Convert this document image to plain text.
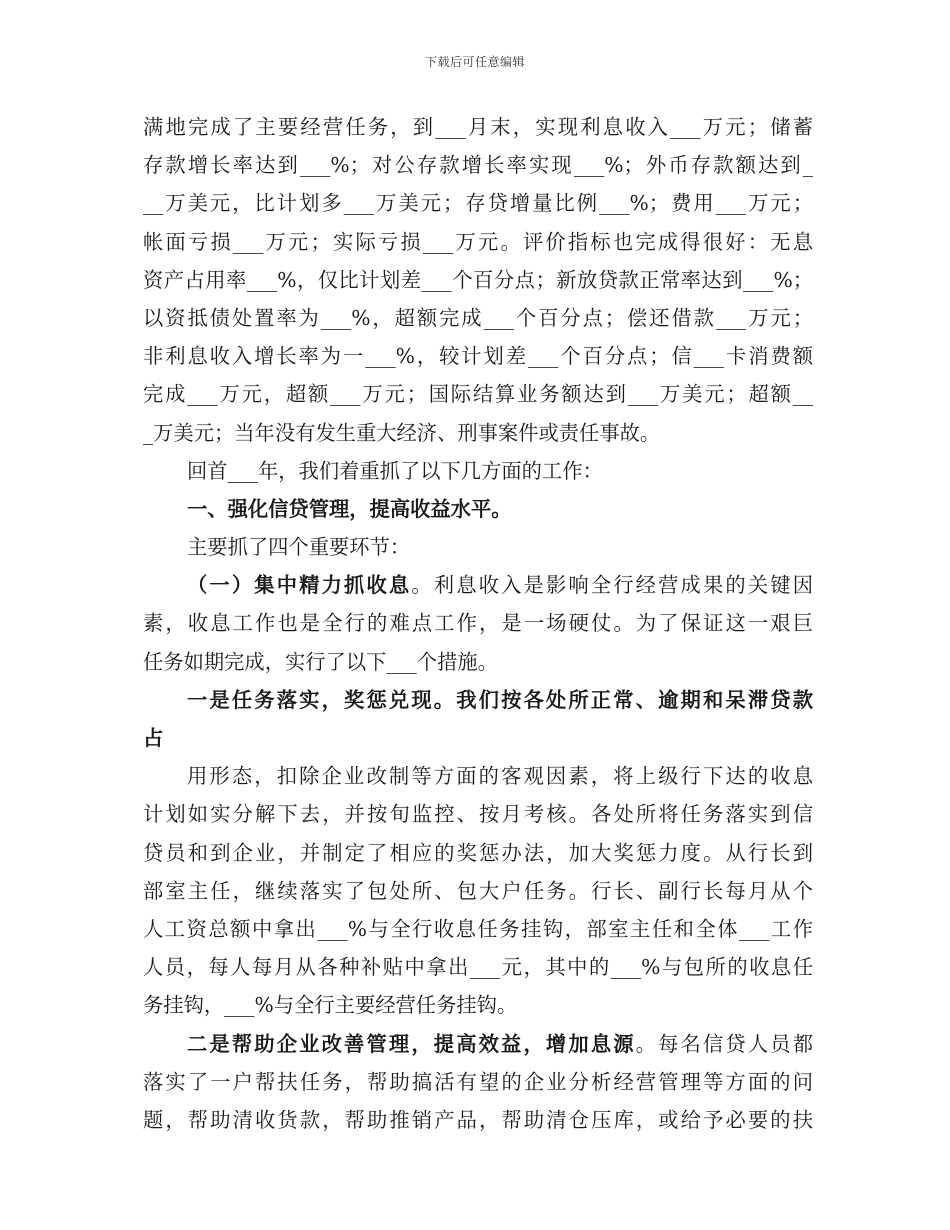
下载后可任意编辑
满地完成了主要经营任务，到___月末，实现利息收入___万元；储蓄
存款增长率达到___%；对公存款增长率实现___%；外币存款额达到_
__万美元，比计划多___万美元；存贷增量比例___%；费用___万元；
帐面亏损___万元；实际亏损___万元。评价指标也完成得很好：无息
资产占用率___%，仅比计划差___个百分点；新放贷款正常率达到___%；
以资抵债处置率为___%，超额完成___个百分点；偿还借款___万元；
非利息收入增长率为一___%，较计划差___个百分点；信___卡消费额
完成___万元，超额___万元；国际结算业务额达到___万美元；超额__
_万美元；当年没有发生重大经济、刑事案件或责任事故。
回首___年，我们着重抓了以下几方面的工作：
一、强化信贷管理，提高收益水平。
主要抓了四个重要环节：
（一）集中精力抓收息。利息收入是影响全行经营成果的关键因
素，收息工作也是全行的难点工作，是一场硬仗。为了保证这一艰巨
任务如期完成，实行了以下___个措施。
一是任务落实，奖惩兑现。我们按各处所正常、逾期和呆滞贷款
占
用形态，扣除企业改制等方面的客观因素，将上级行下达的收息
计划如实分解下去，并按旬监控、按月考核。各处所将任务落实到信
贷员和到企业，并制定了相应的奖惩办法，加大奖惩力度。从行长到
部室主任，继续落实了包处所、包大户任务。行长、副行长每月从个
人工资总额中拿出___%与全行收息任务挂钩，部室主任和全体___工作
人员，每人每月从各种补贴中拿出___元，其中的___%与包所的收息任
务挂钩，___%与全行主要经营任务挂钩。
二是帮助企业改善管理，提高效益，增加息源。每名信贷人员都
落实了一户帮扶任务，帮助搞活有望的企业分析经营管理等方面的问
题，帮助清收货款，帮助推销产品，帮助清仓压库，或给予必要的扶
